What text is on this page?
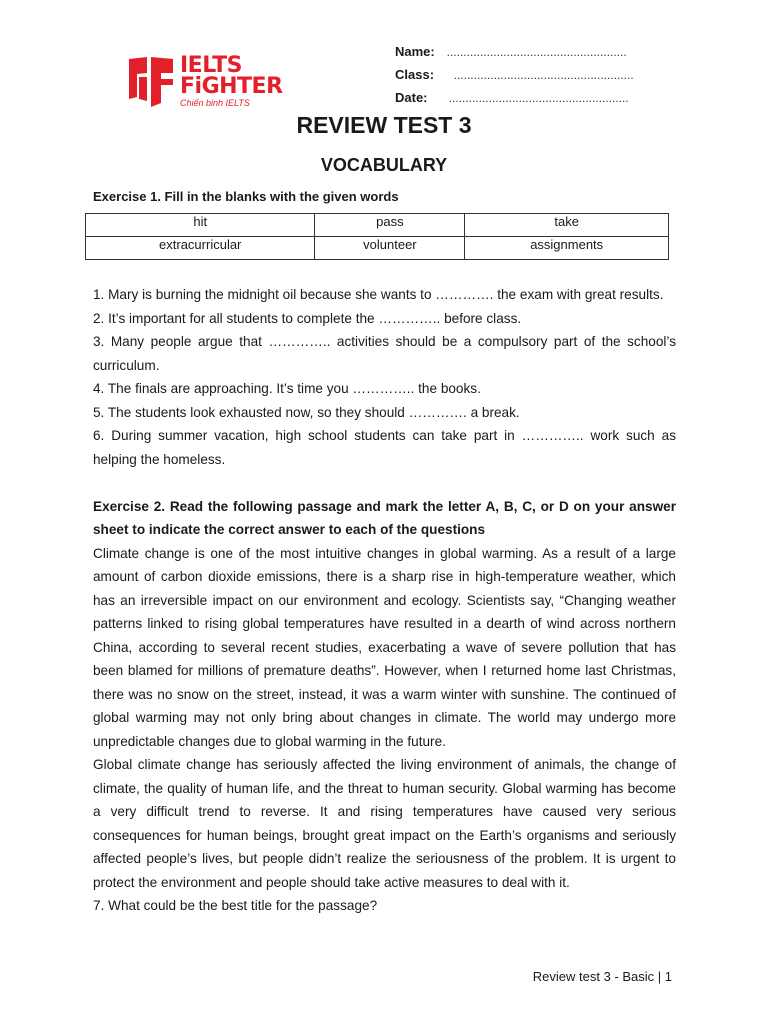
IELTS
FiGHTER
Chiến binh IELTS
Name: ......................................................
Class: ......................................................
Date: ......................................................
REVIEW TEST 3
VOCABULARY
Exercise 1. Fill in the blanks with the given words
hit	pass	take
extracurricular	volunteer	assignments

1. Mary is burning the midnight oil because she wants to …………. the exam with great results.

2. It’s important for all students to complete the ………….. before class.

3. Many people argue that ………….. activities should be a compulsory part of the school’s curriculum.

4. The finals are approaching. It’s time you ………….. the books.

5. The students look exhausted now, so they should …………. a break.

6. During summer vacation, high school students can take part in ………….. work such as helping the homeless.

Exercise 2. Read the following passage and mark the letter A, B, C, or D on your answer sheet to indicate the correct answer to each of the questions

Climate change is one of the most intuitive changes in global warming. As a result of a large amount of carbon dioxide emissions, there is a sharp rise in high-temperature weather, which has an irreversible impact on our environment and ecology. Scientists say, “Changing weather patterns linked to rising global temperatures have resulted in a dearth of wind across northern China, according to several recent studies, exacerbating a wave of severe pollution that has been blamed for millions of premature deaths”. However, when I returned home last Christmas, there was no snow on the street, instead, it was a warm winter with sunshine. The continued of global warming may not only bring about changes in climate. The world may undergo more unpredictable changes due to global warming in the future.

Global climate change has seriously affected the living environment of animals, the change of climate, the quality of human life, and the threat to human security. Global warming has become a very difficult trend to reverse. It and rising temperatures have caused very serious consequences for human beings, brought great impact on the Earth’s organisms and seriously affected people’s lives, but people didn’t realize the seriousness of the problem. It is urgent to protect the environment and people should take active measures to deal with it.

7. What could be the best title for the passage?

Review test 3 - Basic | 1
